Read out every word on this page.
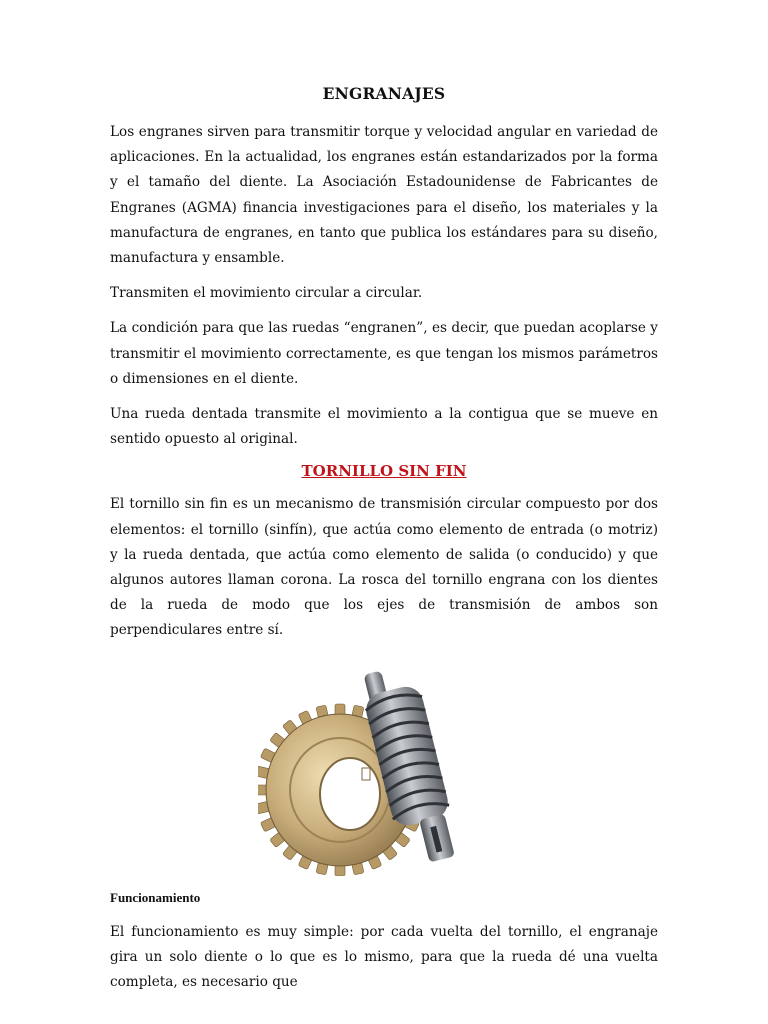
ENGRANAJES

Los engranes sirven para transmitir torque y velocidad angular en variedad de aplicaciones. En la actualidad, los engranes están estandarizados por la forma y el tamaño del diente. La Asociación Estadounidense de Fabricantes de Engranes (AGMA) financia investigaciones para el diseño, los materiales y la manufactura de engranes, en tanto que publica los estándares para su diseño, manufactura y ensamble.

Transmiten el movimiento circular a circular.

La condición para que las ruedas “engranen”, es decir, que puedan acoplarse y transmitir el movimiento correctamente, es que tengan los mismos parámetros o dimensiones en el diente.

Una rueda dentada transmite el movimiento a la contigua que se mueve en sentido opuesto al original.

TORNILLO SIN FIN

El tornillo sin fin es un mecanismo de transmisión circular compuesto por dos elementos: el tornillo (sinfín), que actúa como elemento de entrada (o motriz) y la rueda dentada, que actúa como elemento de salida (o conducido) y que algunos autores llaman corona. La rosca del tornillo engrana con los dientes de la rueda de modo que los ejes de transmisión de ambos son perpendiculares entre sí.

Funcionamiento

El funcionamiento es muy simple: por cada vuelta del tornillo, el engranaje gira un solo diente o lo que es lo mismo, para que la rueda dé una vuelta completa, es necesario que
